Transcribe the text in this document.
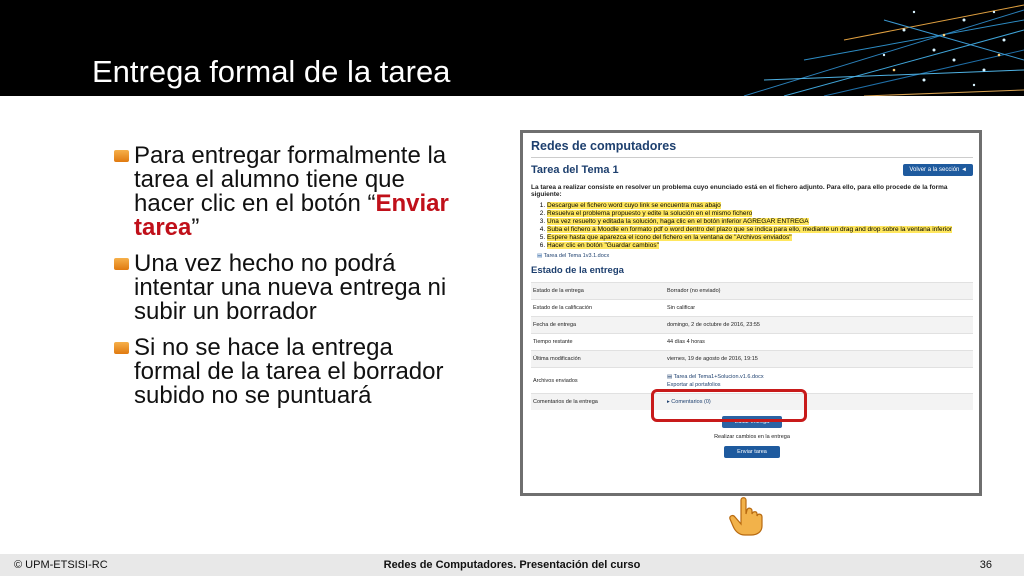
Entrega formal de la tarea
Para entregar formalmente la tarea el alumno tiene que hacer clic en el botón “Enviar tarea”
Una vez hecho no podrá intentar una nueva entrega ni subir un borrador
Si no se hace la entrega formal de la tarea el borrador subido no se puntuará
Redes de computadores
Tarea del Tema 1	Volver a la sección ◄
La tarea a realizar consiste en resolver un problema cuyo enunciado está en el fichero adjunto. Para ello, para ello procede de la forma siguiente:
1. Descargue el fichero word cuyo link se encuentra mas abajo
2. Resuelva el problema propuesto y edite la solución en el mismo fichero
3. Una vez resuelto y editada la solución, haga clic en el botón inferior AGREGAR ENTREGA
4. Suba el fichero a Moodle en formato pdf o word dentro del plazo que se indica para ello, mediante un drag and drop sobre la ventana inferior
5. Espere hasta que aparezca el icono del fichero en la ventana de "Archivos enviados"
6. Hacer clic en botón "Guardar cambios"
▤ Tarea del Tema 1v3.1.docx
Estado de la entrega
Estado de la entrega	Borrador (no enviado)
Estado de la calificación	Sin calificar
Fecha de entrega	domingo, 2 de octubre de 2016, 23:55
Tiempo restante	44 días 4 horas
Última modificación	viernes, 19 de agosto de 2016, 19:15
Archivos enviados	▤ Tarea del Tema1+Solucion.v1.6.docx
Exportar al portafolios

Comentarios de la entrega	▸ Comentarios (0)
Editar entrega
Realizar cambios en la entrega
Enviar tarea
© UPM-ETSISI-RC	Redes de Computadores. Presentación del curso	36
